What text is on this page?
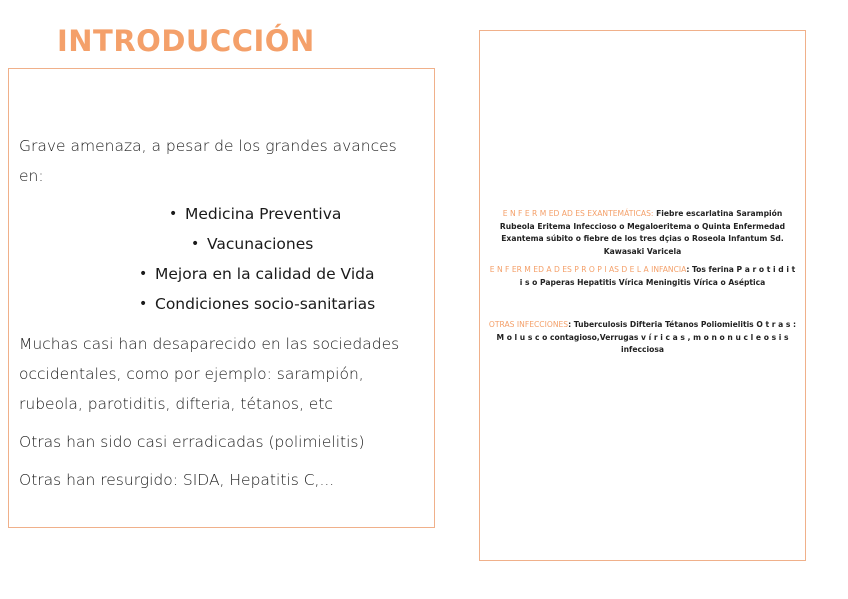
INTRODUCCIÓN

Grave amenaza, a pesar de los grandes avances en:

• Medicina Preventiva
• Vacunaciones
• Mejora en la calidad de Vida
• Condiciones socio-sanitarias

Muchas casi han desaparecido en las sociedades occidentales, como por ejemplo: sarampión, rubeola, parotiditis, difteria, tétanos, etc

Otras han sido casi erradicadas (polimielitis)

Otras han resurgido: SIDA, Hepatitis C,...

E N F E R M ED AD ES EXANTEMÁTICAS: Fiebre escarlatina Sarampión Rubeola Eritema Infeccioso o Megaloeritema o Quinta Enfermedad Exantema súbito o fiebre de los tres dçias o Roseola Infantum Sd. Kawasaki Varicela

E N F ER M ED A D ES P R O P I AS D E L A INFANCIA: Tos ferina P a r o t i d i t i s o Paperas Hepatitis Vírica Meningitis Vírica o Aséptica

OTRAS INFECCIONES: Tuberculosis Difteria Tétanos Poliomielitis O t r a s : M o l u s c o contagioso,Verrugas v í r i c a s , m o n o n u c l e o s i s infecciosa
